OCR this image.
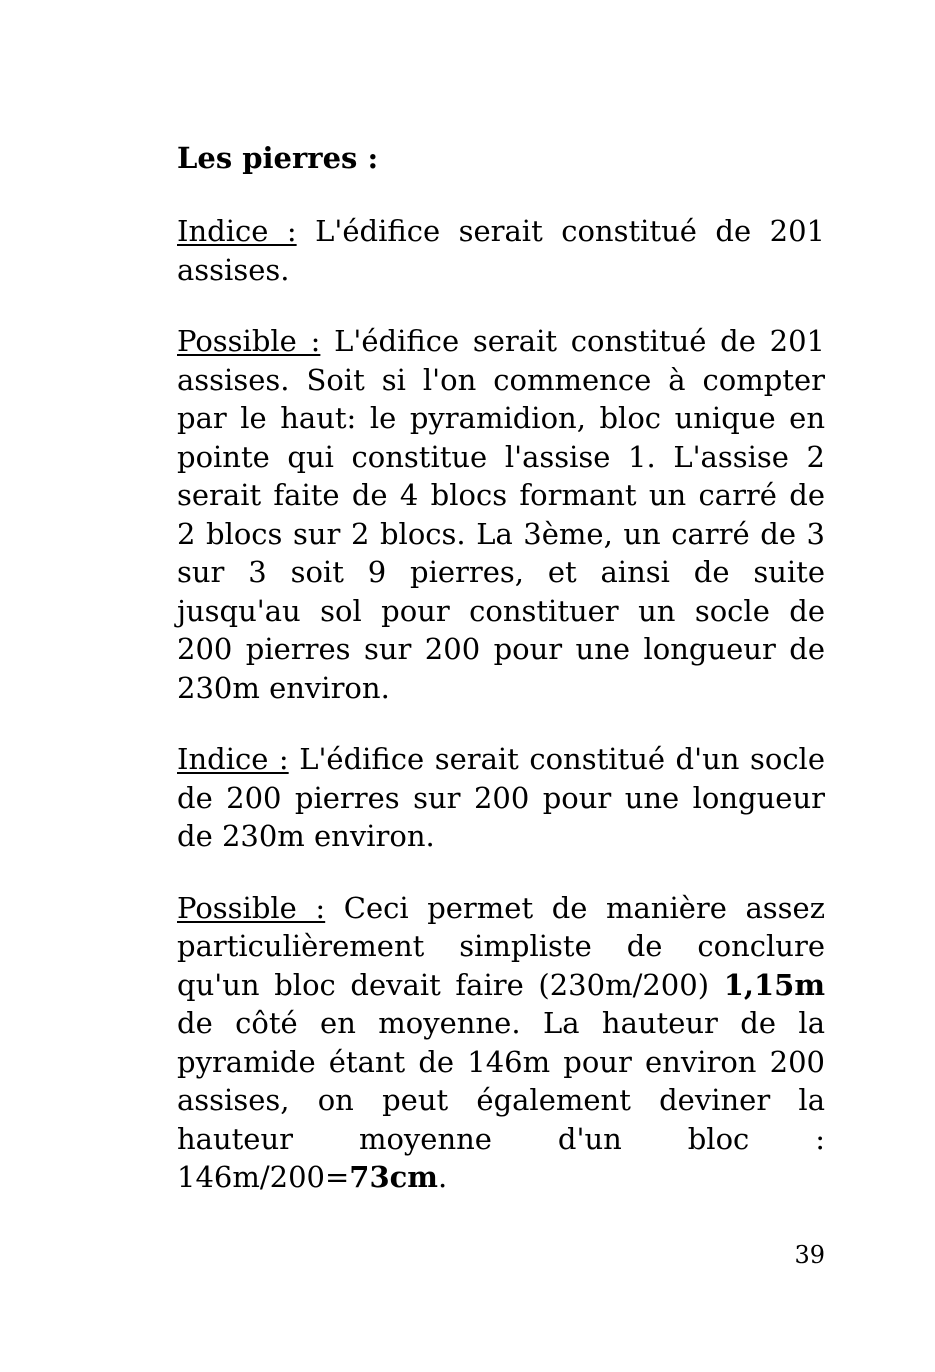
Les pierres :

Indice : L'édifice serait constitué de 201 assises.

Possible : L'édifice serait constitué de 201 assises. Soit si l'on commence à compter par le haut: le pyramidion, bloc unique en pointe qui constitue l'assise 1. L'assise 2 serait faite de 4 blocs formant un carré de 2 blocs sur 2 blocs. La 3ème, un carré de 3 sur 3 soit 9 pierres, et ainsi de suite jusqu'au sol pour constituer un socle de 200 pierres sur 200 pour une longueur de 230m environ.

Indice : L'édifice serait constitué d'un socle de 200 pierres sur 200 pour une longueur de 230m environ.

Possible : Ceci permet de manière assez particulièrement simpliste de conclure qu'un bloc devait faire (230m/200) 1,15m de côté en moyenne. La hauteur de la pyramide étant de 146m pour environ 200 assises, on peut également deviner la hauteur moyenne d'un bloc : 146m/200=73cm.

39
